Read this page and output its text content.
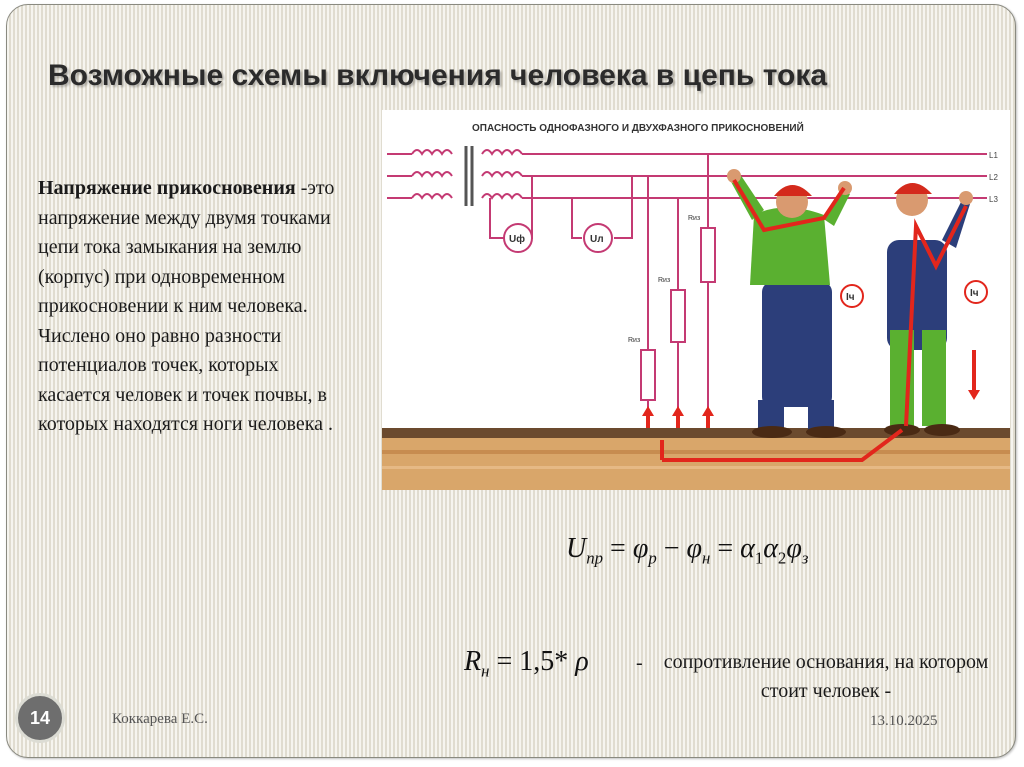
Возможные схемы включения человека в цепь тока
Напряжение прикосновения -это напряжение между двумя точками цепи тока замыкания на землю (корпус) при одновременном прикосновении к ним человека.
Числено оно равно разности потенциалов точек, которых касается человек и точек почвы, в которых находятся ноги человека .
ОПАСНОСТЬ ОДНОФАЗНОГО И ДВУХФАЗНОГО ПРИКОСНОВЕНИЙ
L1
L2
L3
Uф	Uл
Rиз
Rиз
Rиз
Iч	Iч
$U_{пр} = \varphi_р - \varphi_н = \alpha_1\alpha_2\varphi_з$
$R_н = 1,5*$ ρ -	сопротивление основания, на котором стоит человек -
14	Коккарева Е.С.	13.10.2025
